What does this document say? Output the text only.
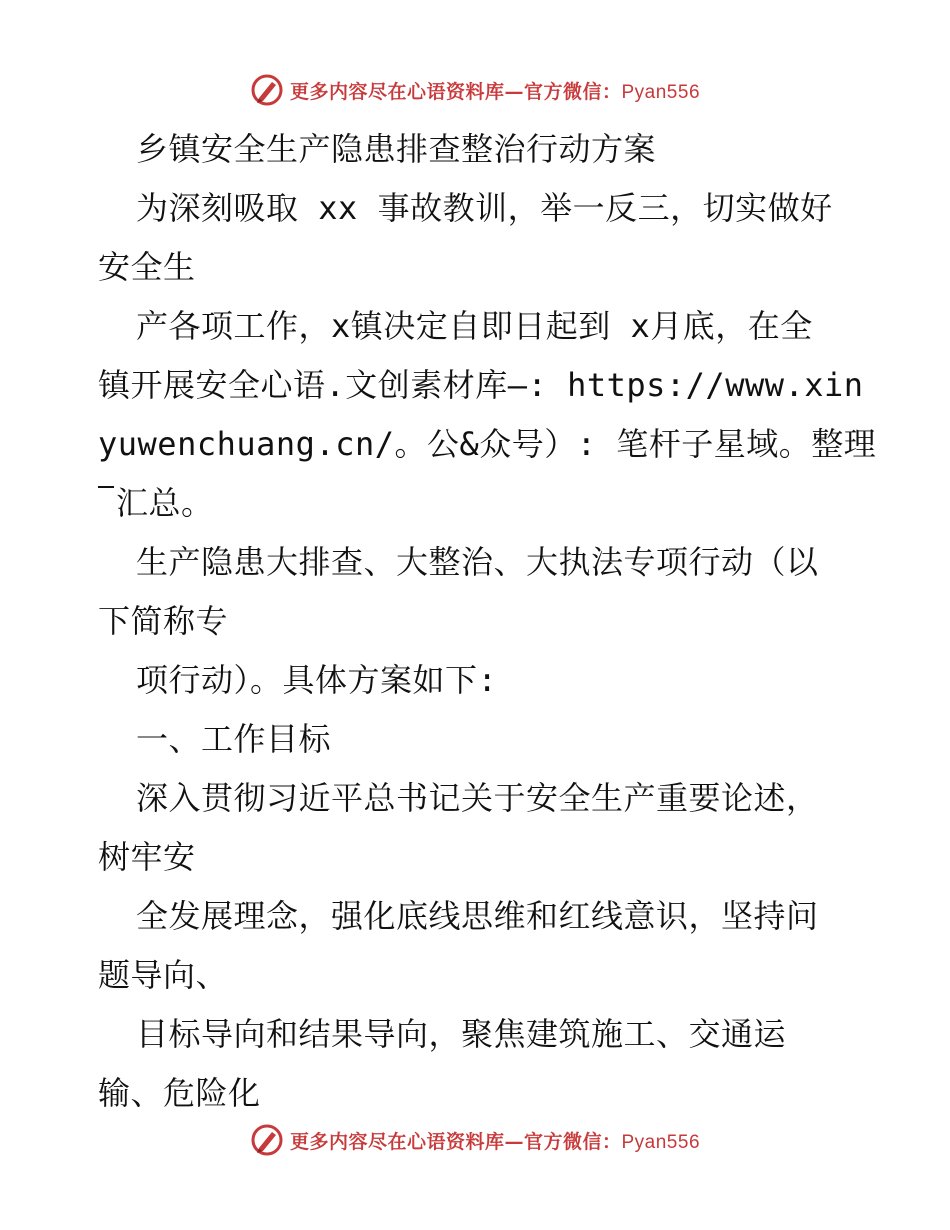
更多内容尽在心语资料库—官方微信：Pyan556
乡镇安全生产隐患排查整治行动方案
为深刻吸取 xx 事故教训，举一反三，切实做好
安全生
产各项工作，x镇决定自即日起到 x月底，在全
镇开展安全心语.文创素材库—: https://www.xin
yuwenchuang.cn/。公&众号）: 笔杆子星域。整理
汇总。
生产隐患大排查、大整治、大执法专项行动（以
下简称专
项行动）。具体方案如下:
一、工作目标
深入贯彻习近平总书记关于安全生产重要论述，
树牢安
全发展理念，强化底线思维和红线意识，坚持问
题导向、
目标导向和结果导向，聚焦建筑施工、交通运
输、危险化
更多内容尽在心语资料库—官方微信：Pyan556
